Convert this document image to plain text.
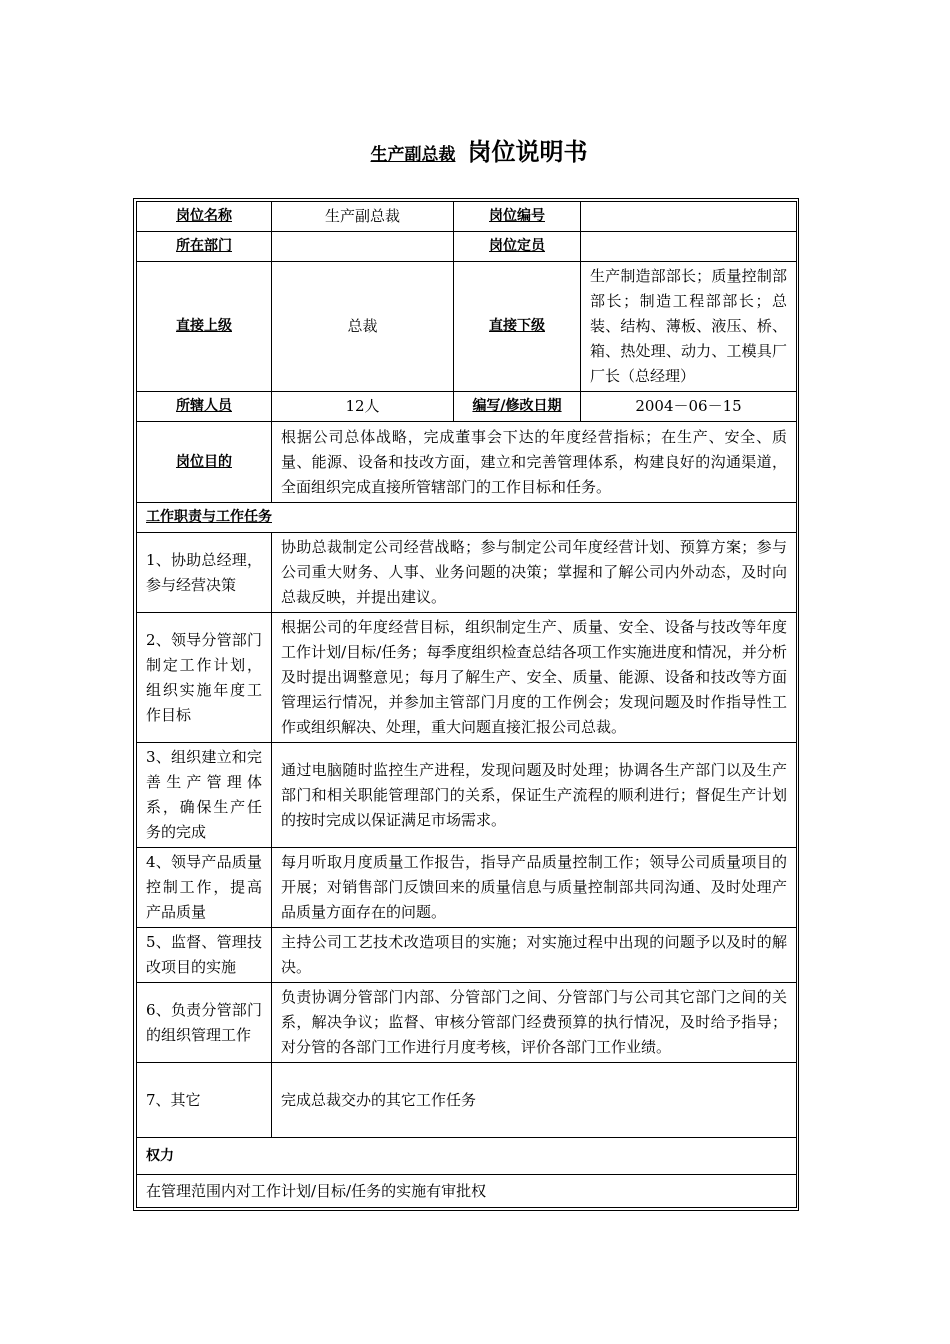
生产副总裁 岗位说明书
岗位名称	生产副总裁	岗位编号	
所在部门		岗位定员	
直接上级	总裁	直接下级	生产制造部部长；质量控制部部长；制造工程部部长；总装、结构、薄板、液压、桥、箱、热处理、动力、工模具厂厂长（总经理）
所辖人员	12人	编写/修改日期	2004－06－15
岗位目的	根据公司总体战略，完成董事会下达的年度经营指标；在生产、安全、质量、能源、设备和技改方面，建立和完善管理体系，构建良好的沟通渠道，全面组织完成直接所管辖部门的工作目标和任务。		
工作职责与工作任务			
1、协助总经理，参与经营决策	协助总裁制定公司经营战略；参与制定公司年度经营计划、预算方案；参与公司重大财务、人事、业务问题的决策；掌握和了解公司内外动态，及时向总裁反映，并提出建议。		
2、领导分管部门制定工作计划，组织实施年度工作目标	根据公司的年度经营目标，组织制定生产、质量、安全、设备与技改等年度工作计划/目标/任务；每季度组织检查总结各项工作实施进度和情况，并分析及时提出调整意见；每月了解生产、安全、质量、能源、设备和技改等方面管理运行情况，并参加主管部门月度的工作例会；发现问题及时作指导性工作或组织解决、处理，重大问题直接汇报公司总裁。		
3、组织建立和完善生产管理体系，确保生产任务的完成	通过电脑随时监控生产进程，发现问题及时处理；协调各生产部门以及生产部门和相关职能管理部门的关系，保证生产流程的顺利进行；督促生产计划的按时完成以保证满足市场需求。		
4、领导产品质量控制工作，提高产品质量	每月听取月度质量工作报告，指导产品质量控制工作；领导公司质量项目的开展；对销售部门反馈回来的质量信息与质量控制部共同沟通、及时处理产品质量方面存在的问题。		
5、监督、管理技改项目的实施	主持公司工艺技术改造项目的实施；对实施过程中出现的问题予以及时的解决。		
6、负责分管部门的组织管理工作	负责协调分管部门内部、分管部门之间、分管部门与公司其它部门之间的关系，解决争议；监督、审核分管部门经费预算的执行情况，及时给予指导；对分管的各部门工作进行月度考核，评价各部门工作业绩。		
7、其它	完成总裁交办的其它工作任务		
权力			
在管理范围内对工作计划/目标/任务的实施有审批权			
